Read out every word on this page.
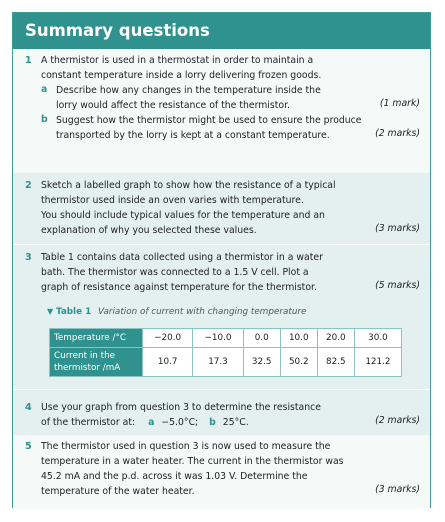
Summary questions
1 A thermistor is used in a thermostat in order to maintain a
constant temperature inside a lorry delivering frozen goods.
a Describe how any changes in the temperature inside the
lorry would affect the resistance of the thermistor.	(1 mark)
b Suggest how the thermistor might be used to ensure the produce
transported by the lorry is kept at a constant temperature.	(2 marks)
2 Sketch a labelled graph to show how the resistance of a typical
thermistor used inside an oven varies with temperature.
You should include typical values for the temperature and an
explanation of why you selected these values.	(3 marks)
3 Table 1 contains data collected using a thermistor in a water
bath. The thermistor was connected to a 1.5 V cell. Plot a
graph of resistance against temperature for the thermistor.	(5 marks)
▼ Table 1 Variation of current with changing temperature
Temperature /°C	−20.0	−10.0	0.0	10.0	20.0	30.0

Current in the
thermistor /mA	10.7	17.3	32.5	50.2	82.5	121.2
4 Use your graph from question 3 to determine the resistance
of the thermistor at: a −5.0°C; b 25°C.	(2 marks)
5 The thermistor used in question 3 is now used to measure the
temperature in a water heater. The current in the thermistor was
45.2 mA and the p.d. across it was 1.03 V. Determine the
temperature of the water heater.	(3 marks)
